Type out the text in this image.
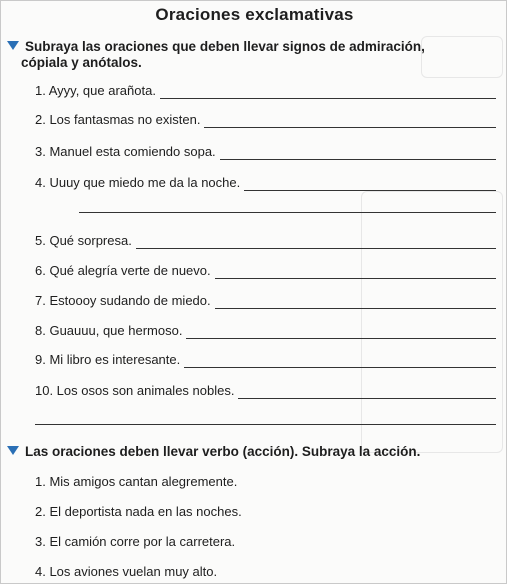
Oraciones exclamativas
Subraya las oraciones que deben llevar signos de admiración,
cópiala y anótalos.
1. Ayyy, que arañota.
2. Los fantasmas no existen.
3. Manuel esta comiendo sopa.
4. Uuuy que miedo me da la noche.
5. Qué sorpresa.
6. Qué alegría verte de nuevo.
7. Estoooy sudando de miedo.
8. Guauuu, que hermoso.
9. Mi libro es interesante.
10. Los osos son animales nobles.
Las oraciones deben llevar verbo (acción). Subraya la acción.
1. Mis amigos cantan alegremente.
2. El deportista nada en las noches.
3. El camión corre por la carretera.
4. Los aviones vuelan muy alto.
